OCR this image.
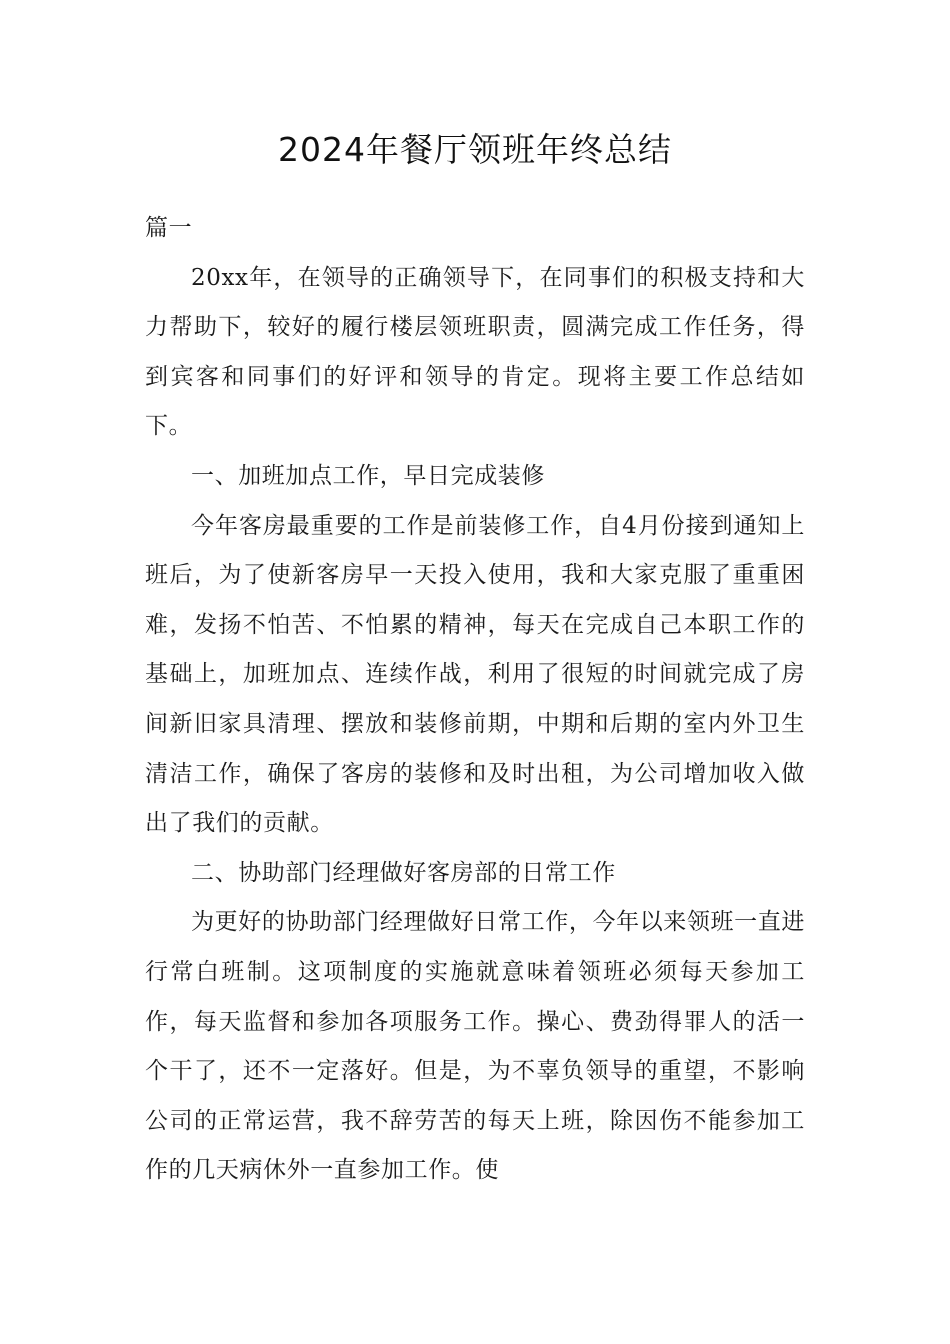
2024年餐厅领班年终总结

篇一

20xx年，在领导的正确领导下，在同事们的积极支持和大力帮助下，较好的履行楼层领班职责，圆满完成工作任务，得到宾客和同事们的好评和领导的肯定。现将主要工作总结如下。

一、加班加点工作，早日完成装修

今年客房最重要的工作是前装修工作，自4月份接到通知上班后，为了使新客房早一天投入使用，我和大家克服了重重困难，发扬不怕苦、不怕累的精神，每天在完成自己本职工作的基础上，加班加点、连续作战，利用了很短的时间就完成了房间新旧家具清理、摆放和装修前期，中期和后期的室内外卫生清洁工作，确保了客房的装修和及时出租，为公司增加收入做出了我们的贡献。

二、协助部门经理做好客房部的日常工作

为更好的协助部门经理做好日常工作，今年以来领班一直进行常白班制。这项制度的实施就意味着领班必须每天参加工作，每天监督和参加各项服务工作。操心、费劲得罪人的活一个干了，还不一定落好。但是，为不辜负领导的重望，不影响公司的正常运营，我不辞劳苦的每天上班，除因伤不能参加工作的几天病休外一直参加工作。使
